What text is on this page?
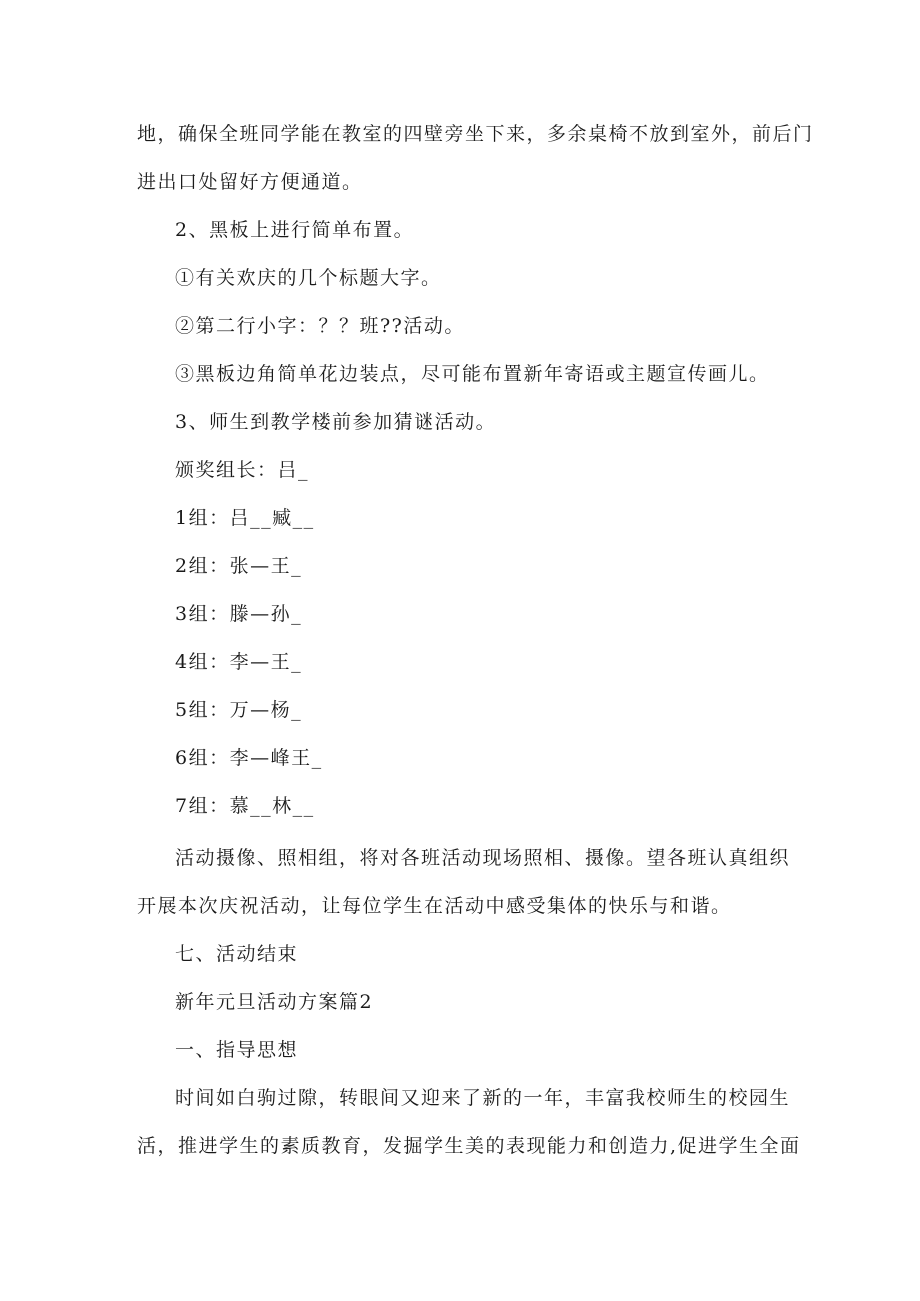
地，确保全班同学能在教室的四壁旁坐下来，多余桌椅不放到室外，前后门
进出口处留好方便通道。
2、黑板上进行简单布置。
①有关欢庆的几个标题大字。
②第二行小字：？？班??活动。
③黑板边角简单花边装点，尽可能布置新年寄语或主题宣传画儿。
3、师生到教学楼前参加猜谜活动。
颁奖组长：吕_
1组：吕__臧__
2组：张—王_
3组：滕—孙_
4组：李—王_
5组：万—杨_
6组：李—峰王_
7组：慕__林__
活动摄像、照相组，将对各班活动现场照相、摄像。望各班认真组织
开展本次庆祝活动，让每位学生在活动中感受集体的快乐与和谐。
七、活动结束
新年元旦活动方案篇2
一、指导思想
时间如白驹过隙，转眼间又迎来了新的一年，丰富我校师生的校园生
活，推进学生的素质教育，发掘学生美的表现能力和创造力,促进学生全面
